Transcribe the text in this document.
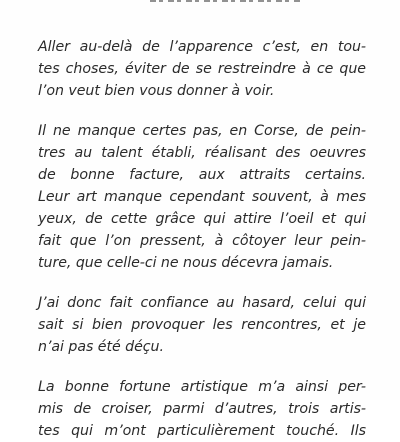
Aller au-delà de l’apparence c’est, en tou-
tes choses, éviter de se restreindre à ce que
l’on veut bien vous donner à voir.
Il ne manque certes pas, en Corse, de pein-
tres au talent établi, réalisant des oeuvres
de bonne facture, aux attraits certains.
Leur art manque cependant souvent, à mes
yeux, de cette grâce qui attire l’oeil et qui
fait que l’on pressent, à côtoyer leur pein-
ture, que celle-ci ne nous décevra jamais.
J’ai donc fait confiance au hasard, celui qui
sait si bien provoquer les rencontres, et je
n’ai pas été déçu.
La bonne fortune artistique m’a ainsi per-
mis de croiser, parmi d’autres, trois artis-
tes qui m’ont particulièrement touché. Ils
